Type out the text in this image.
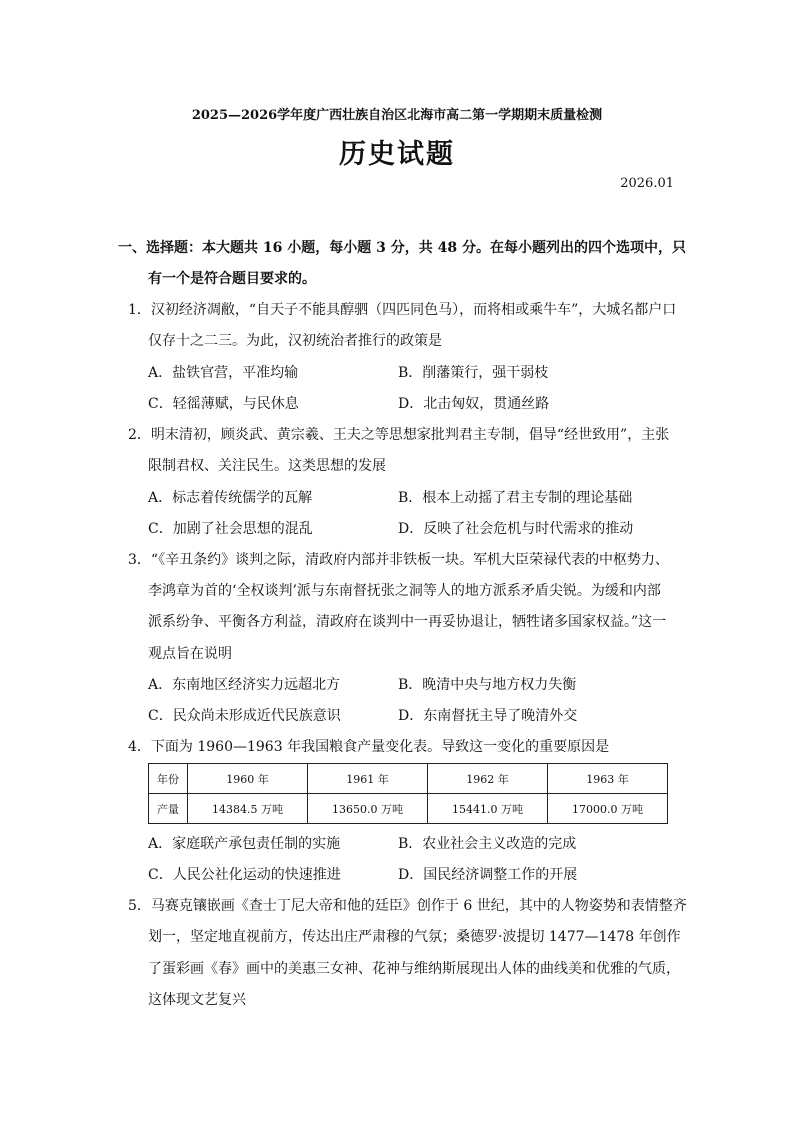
2025—2026学年度广西壮族自治区北海市高二第一学期期末质量检测
历史试题
2026.01
一、选择题：本大题共 16 小题，每小题 3 分，共 48 分。在每小题列出的四个选项中，只
有一个是符合题目要求的。
1．汉初经济凋敝，“自天子不能具醇驷（四匹同色马），而将相或乘牛车”，大城名都户口
仅存十之二三。为此，汉初统治者推行的政策是
A．盐铁官营，平准均输	B．削藩策行，强干弱枝
C．轻徭薄赋，与民休息	D．北击匈奴，贯通丝路
2．明末清初，顾炎武、黄宗羲、王夫之等思想家批判君主专制，倡导“经世致用”，主张
限制君权、关注民生。这类思想的发展
A．标志着传统儒学的瓦解	B．根本上动摇了君主专制的理论基础
C．加剧了社会思想的混乱	D．反映了社会危机与时代需求的推动
3．“《辛丑条约》谈判之际，清政府内部并非铁板一块。军机大臣荣禄代表的中枢势力、
李鸿章为首的‘全权谈判’派与东南督抚张之洞等人的地方派系矛盾尖锐。为缓和内部
派系纷争、平衡各方利益，清政府在谈判中一再妥协退让，牺牲诸多国家权益。”这一
观点旨在说明
A．东南地区经济实力远超北方	B．晚清中央与地方权力失衡
C．民众尚未形成近代民族意识	D．东南督抚主导了晚清外交
4．下面为 1960—1963 年我国粮食产量变化表。导致这一变化的重要原因是
年份	1960 年	1961 年	1962 年	1963 年
产量	14384.5 万吨	13650.0 万吨	15441.0 万吨	17000.0 万吨
A．家庭联产承包责任制的实施	B．农业社会主义改造的完成
C．人民公社化运动的快速推进	D．国民经济调整工作的开展
5．马赛克镶嵌画《查士丁尼大帝和他的廷臣》创作于 6 世纪，其中的人物姿势和表情整齐
划一，坚定地直视前方，传达出庄严肃穆的气氛；桑德罗·波提切 1477—1478 年创作
了蛋彩画《春》画中的美惠三女神、花神与维纳斯展现出人体的曲线美和优雅的气质，
这体现文艺复兴
